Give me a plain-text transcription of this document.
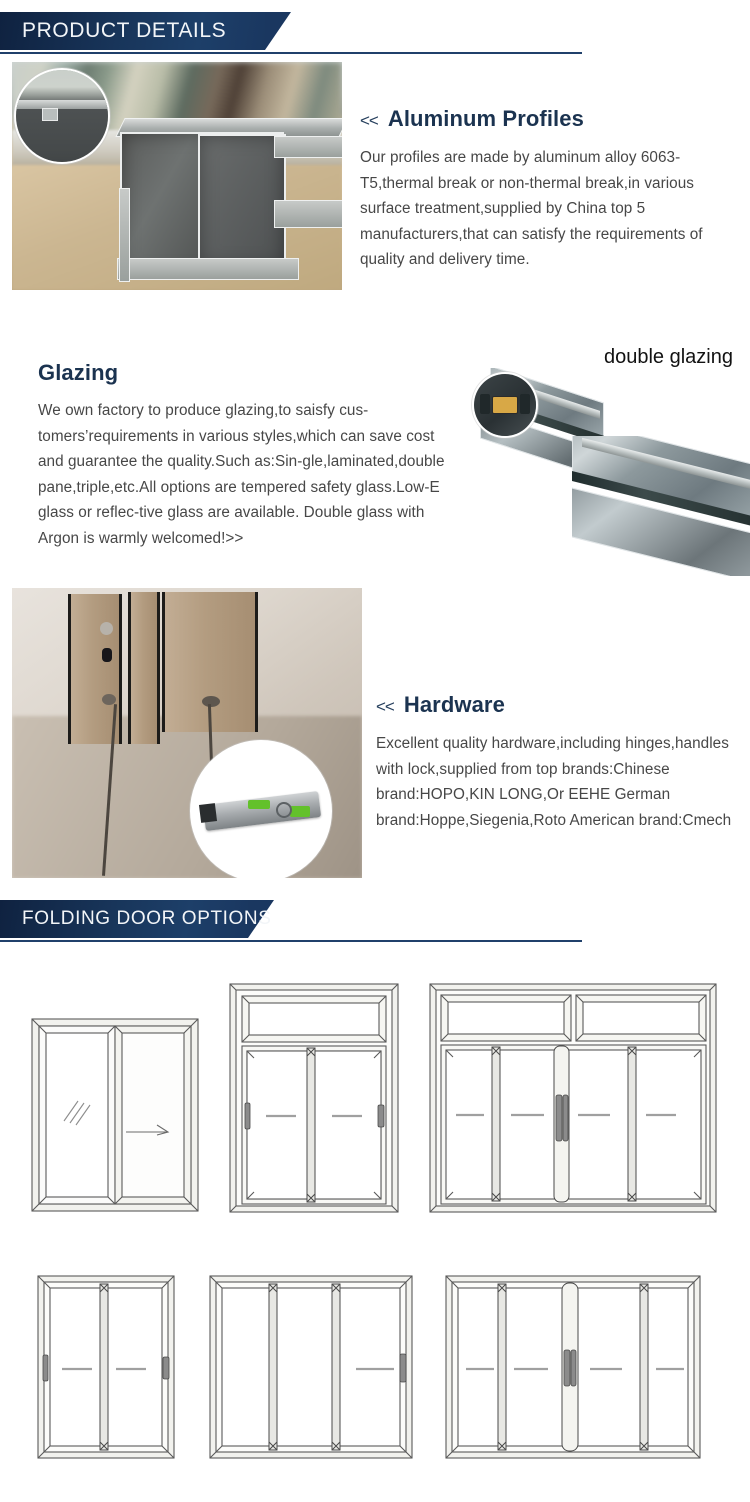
PRODUCT DETAILS
<< Aluminum Profiles
Our profiles are made by aluminum alloy 6063-T5,thermal break or non-thermal break,in various surface treatment,supplied by China top 5 manufacturers,that can satisfy the requirements of quality and delivery time.
Glazing
We own factory to produce glazing,to saisfy cus-tomers’requirements in various styles,which can save cost and guarantee the quality.Such as:Sin-gle,laminated,double pane,triple,etc.All options are tempered safety glass.Low-E glass or reflec-tive glass are available. Double glass with Argon is warmly welcomed!>>
double glazing
<< Hardware
Excellent quality hardware,including hinges,handles with lock,supplied from top brands:Chinese brand:HOPO,KIN LONG,Or EEHE German brand:Hoppe,Siegenia,Roto American brand:Cmech
FOLDING DOOR OPTIONS
